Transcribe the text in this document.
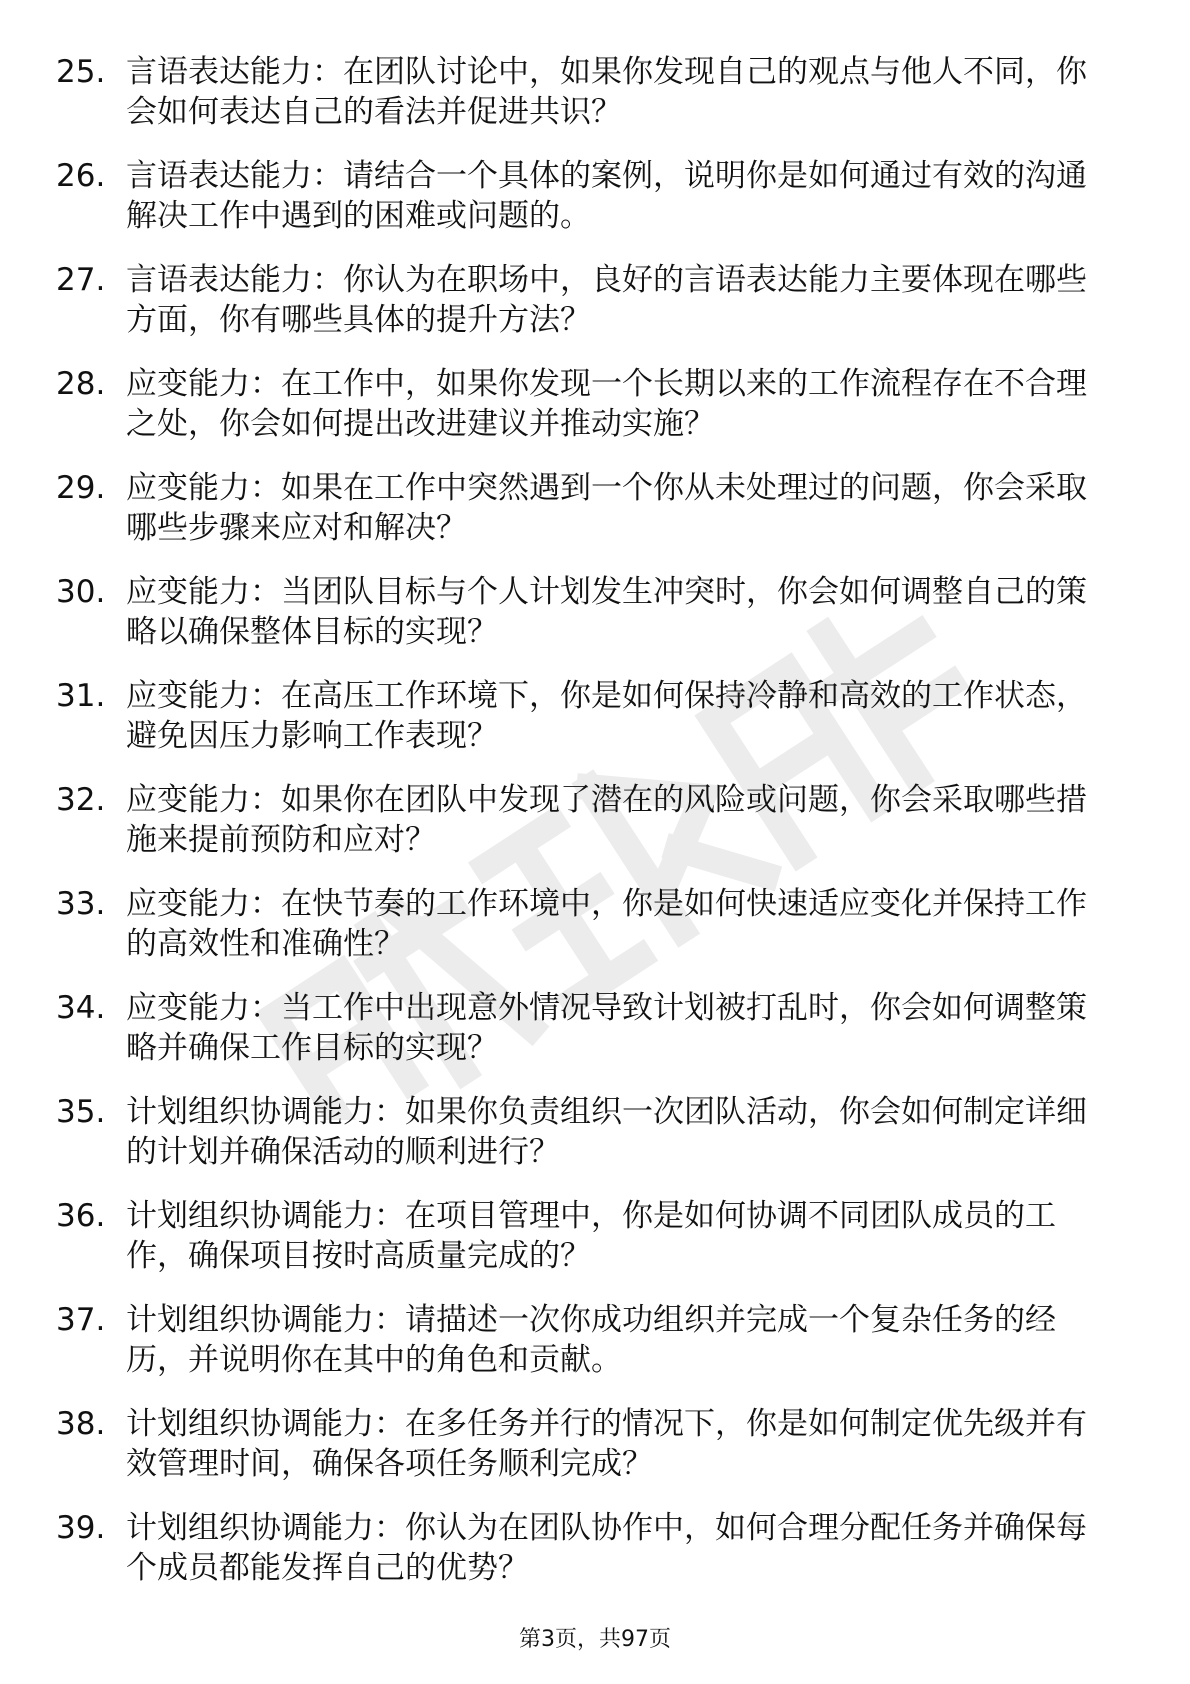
25. 言语表达能力：在团队讨论中，如果你发现自己的观点与他人不同，你会如何表达自己的看法并促进共识？

26. 言语表达能力：请结合一个具体的案例，说明你是如何通过有效的沟通解决工作中遇到的困难或问题的。

27. 言语表达能力：你认为在职场中，良好的言语表达能力主要体现在哪些方面，你有哪些具体的提升方法？

28. 应变能力：在工作中，如果你发现一个长期以来的工作流程存在不合理之处，你会如何提出改进建议并推动实施？

29. 应变能力：如果在工作中突然遇到一个你从未处理过的问题，你会采取哪些步骤来应对和解决？

30. 应变能力：当团队目标与个人计划发生冲突时，你会如何调整自己的策略以确保整体目标的实现？

31. 应变能力：在高压工作环境下，你是如何保持冷静和高效的工作状态，避免因压力影响工作表现？

32. 应变能力：如果你在团队中发现了潜在的风险或问题，你会采取哪些措施来提前预防和应对？

33. 应变能力：在快节奏的工作环境中，你是如何快速适应变化并保持工作的高效性和准确性？

34. 应变能力：当工作中出现意外情况导致计划被打乱时，你会如何调整策略并确保工作目标的实现？

35. 计划组织协调能力：如果你负责组织一次团队活动，你会如何制定详细的计划并确保活动的顺利进行？

36. 计划组织协调能力：在项目管理中，你是如何协调不同团队成员的工作，确保项目按时高质量完成的？

37. 计划组织协调能力：请描述一次你成功组织并完成一个复杂任务的经历，并说明你在其中的角色和贡献。

38. 计划组织协调能力：在多任务并行的情况下，你是如何制定优先级并有效管理时间，确保各项任务顺利完成？

39. 计划组织协调能力：你认为在团队协作中，如何合理分配任务并确保每个成员都能发挥自己的优势？

第3页，共97页
